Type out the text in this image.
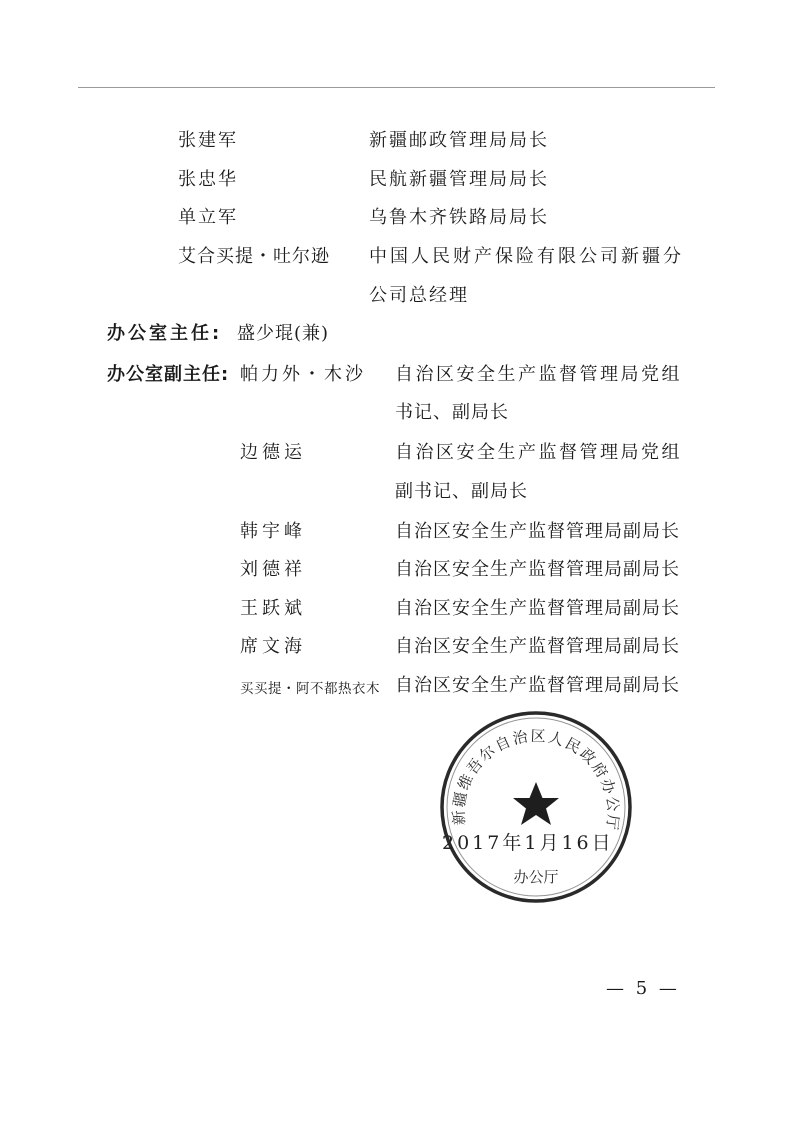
张建军	新疆邮政管理局局长
张忠华	民航新疆管理局局长
单立军	乌鲁木齐铁路局局长
艾合买提・吐尔逊 中国人民财产保险有限公司新疆分
公司总经理
办公室主任: 盛少琨(兼)
办公室副主任: 帕力外・木沙 自治区安全生产监督管理局党组
书记、副局长
边德运	自治区安全生产监督管理局党组
副书记、副局长
韩宇峰	自治区安全生产监督管理局副局长
刘德祥	自治区安全生产监督管理局副局长
王跃斌	自治区安全生产监督管理局副局长
席文海	自治区安全生产监督管理局副局长
买买提・阿不都热衣木 自治区安全生产监督管理局副局长
新疆维吾尔自治区人民政府办公厅
办公厅
2017年1月16日
— 5 —
